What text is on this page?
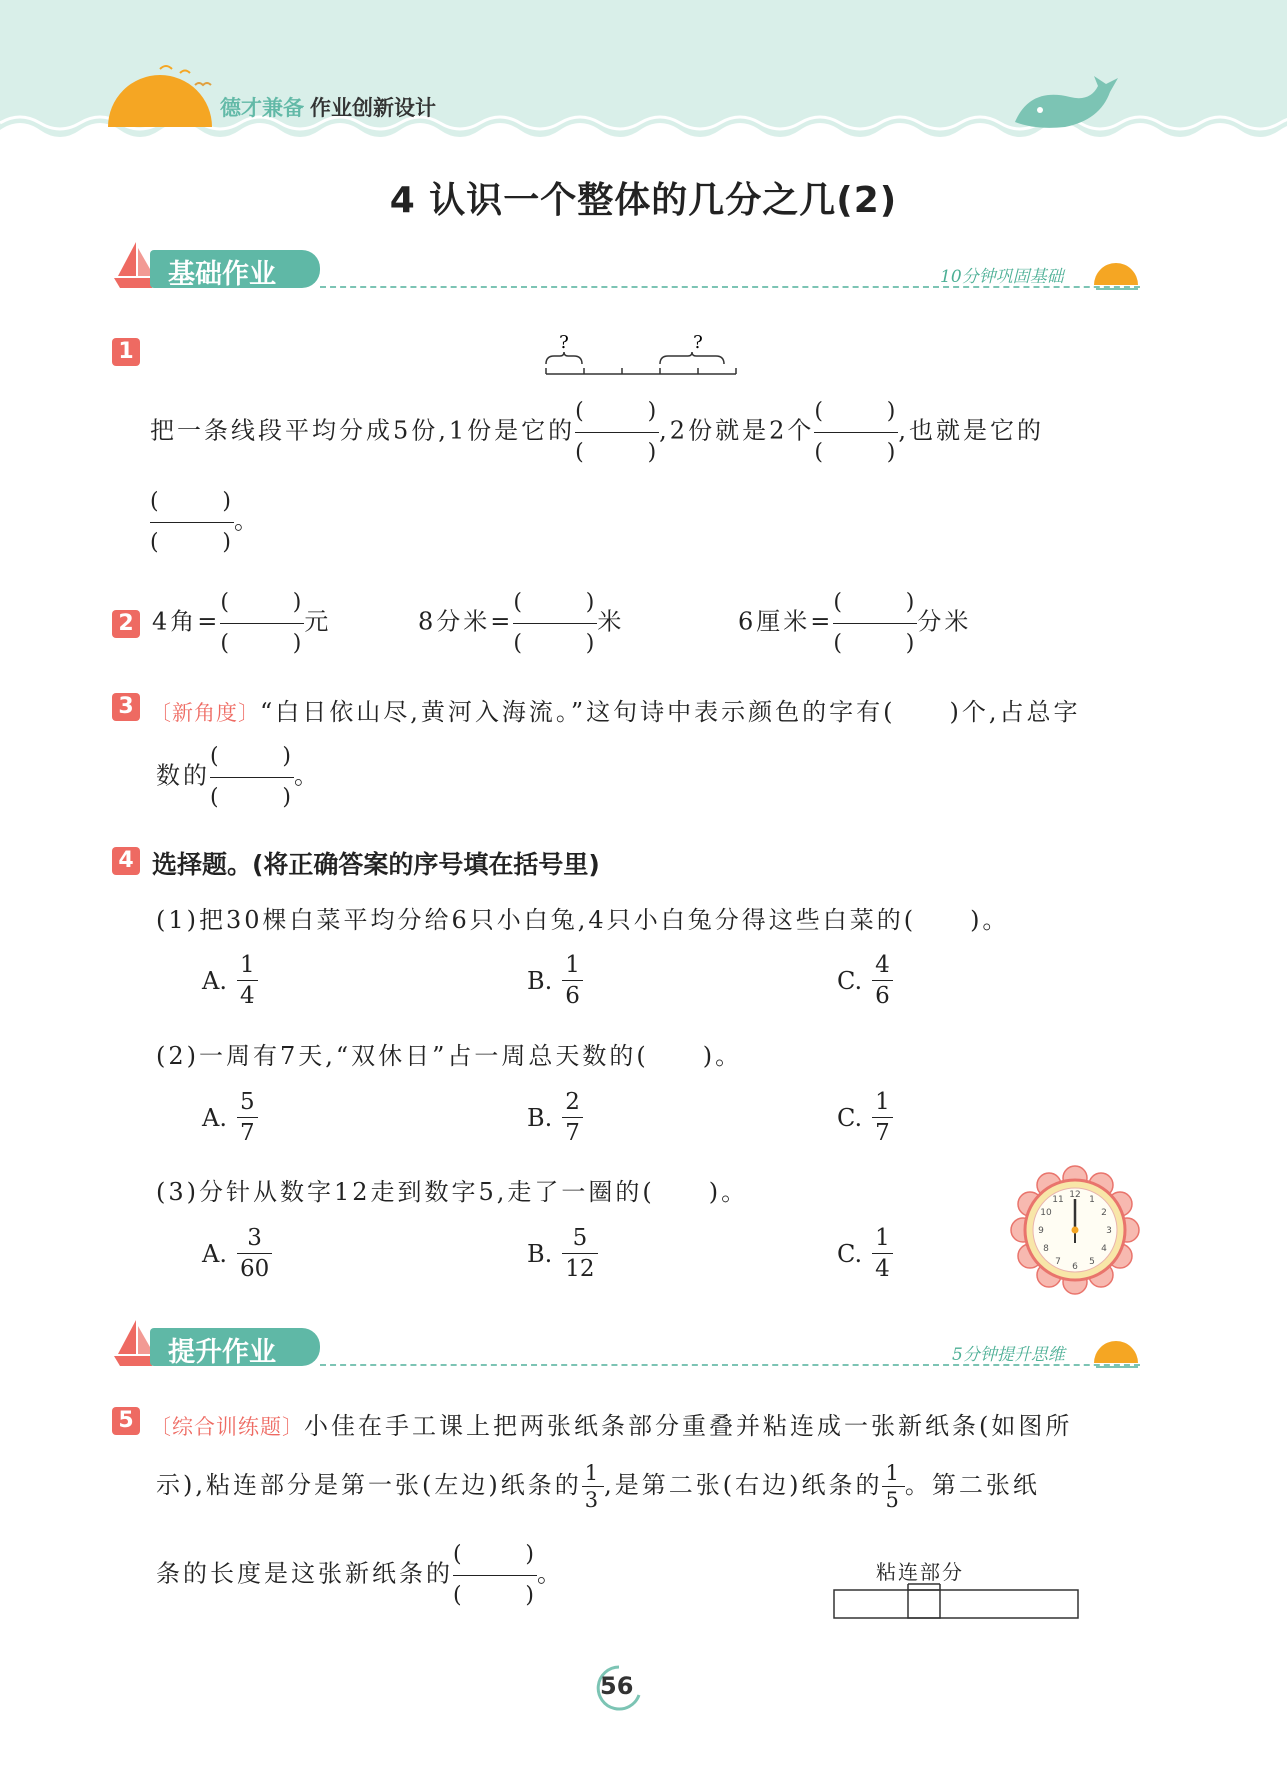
德才兼备 作业创新设计
4 认识一个整体的几分之几(2)
基础作业	10分钟巩固基础
1	?	?
把一条线段平均分成5份,1份是它的
(	)
(	)
,2份就是2个
(	)
(	)
,也就是它的
(	)
(	)
。
2 4角=
(	)
(	)
元	8分米=
(	)
(	)
米	6厘米=
(	)
(	)
分米
3 〔新角度〕“白日依山尽,黄河入海流。”这句诗中表示颜色的字有(　　)个,占总字
数的
(	)
(	)
。
4 选择题。(将正确答案的序号填在括号里)
(1)把30棵白菜平均分给6只小白兔,4只小白兔分得这些白菜的(　　)。
A. $\frac{1}{4}$	B. $\frac{1}{6}$	C. $\frac{4}{6}$
(2)一周有7天,“双休日”占一周总天数的(　　)。
A. $\frac{5}{7}$	B. $\frac{2}{7}$	C. $\frac{1}{7}$
(3)分针从数字12走到数字5,走了一圈的(　　)。
A. $\frac{3}{60}$	B. $\frac{5}{12}$	C. $\frac{1}{4}$
12 1
2
3
4
5
6
7
8
9
10
11
提升作业	5分钟提升思维
5 〔综合训练题〕小佳在手工课上把两张纸条部分重叠并粘连成一张新纸条(如图所
示),粘连部分是第一张(左边)纸条的 $\frac{1}{3}$ ,是第二张(右边)纸条的 $\frac{1}{5}$ 。第二张纸
条的长度是这张新纸条的
(	)
(	)
。	粘连部分
56
